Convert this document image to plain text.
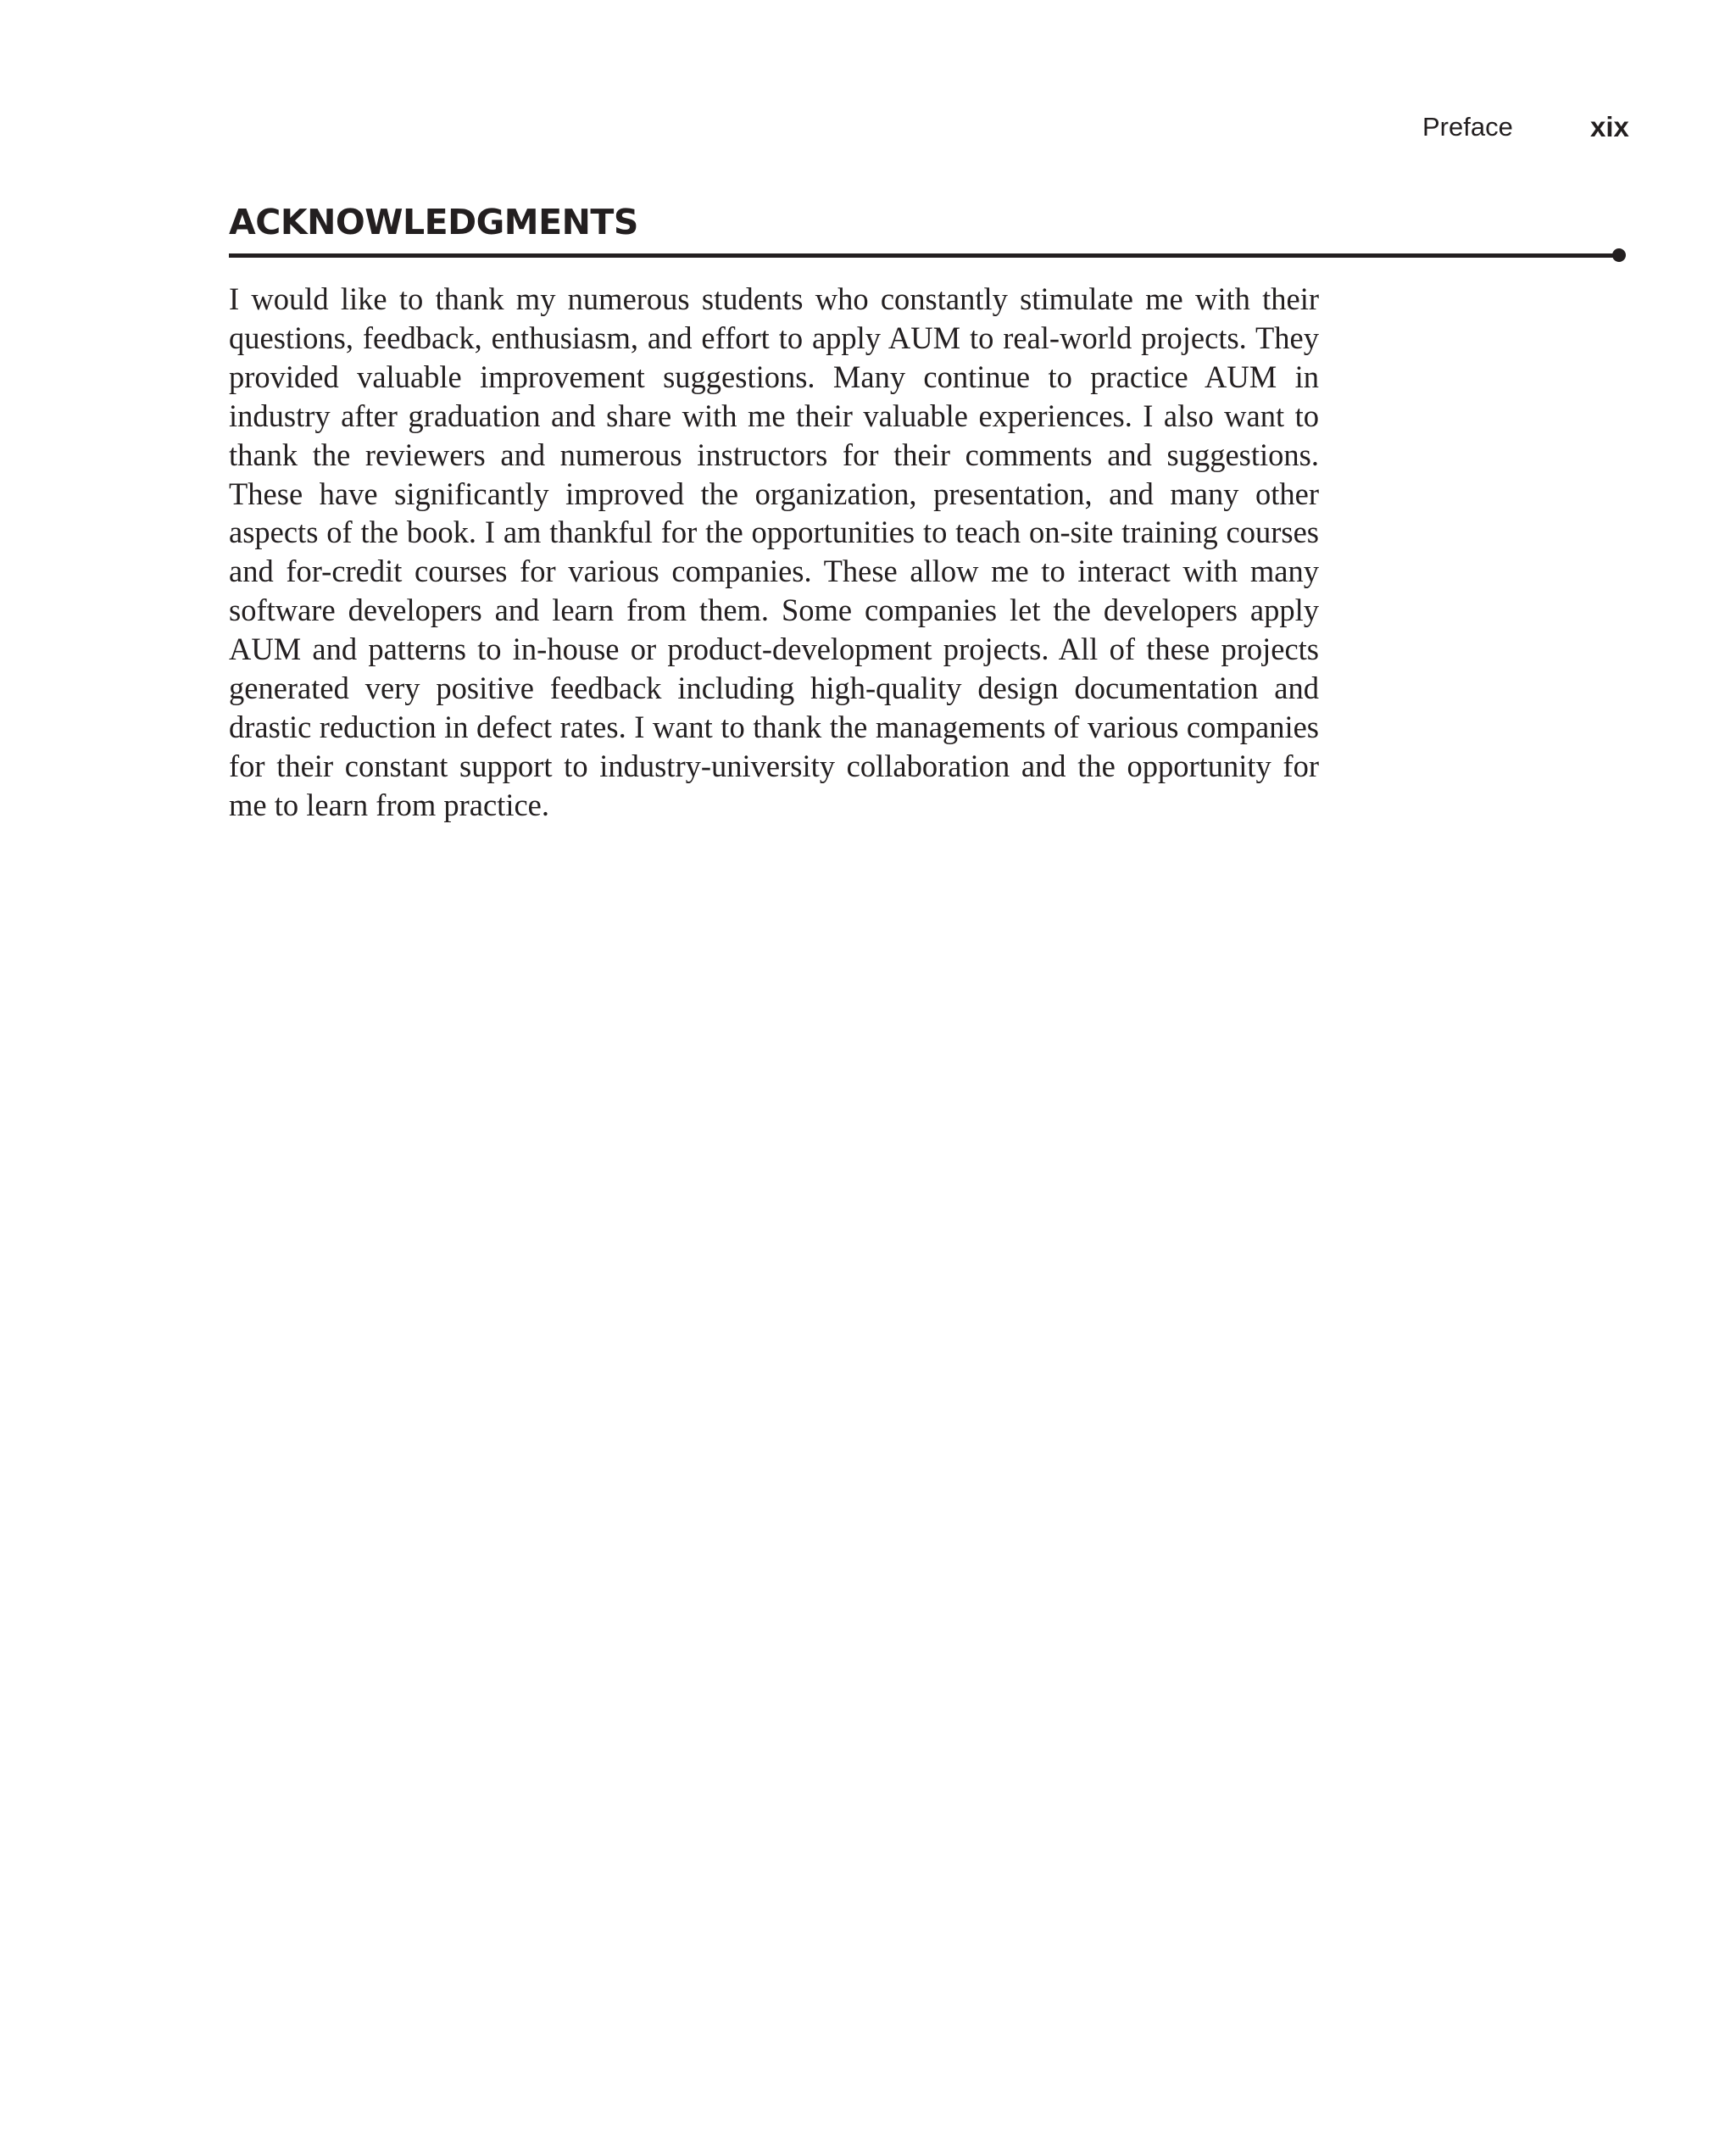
Preface	xix
ACKNOWLEDGMENTS

I would like to thank my numerous students who constantly stimulate me with their questions, feedback, enthusiasm, and effort to apply AUM to real-world projects. They provided valuable improvement suggestions. Many continue to practice AUM in industry after graduation and share with me their valuable experiences. I also want to thank the reviewers and numerous instructors for their comments and suggestions. These have significantly improved the organization, presentation, and many other aspects of the book. I am thankful for the opportunities to teach on-site training courses and for-credit courses for various companies. These allow me to interact with many software developers and learn from them. Some companies let the developers apply AUM and patterns to in-house or product-development projects. All of these projects generated very positive feedback including high-quality design documentation and drastic reduction in defect rates. I want to thank the managements of various companies for their constant support to industry-university collaboration and the opportunity for me to learn from practice.
